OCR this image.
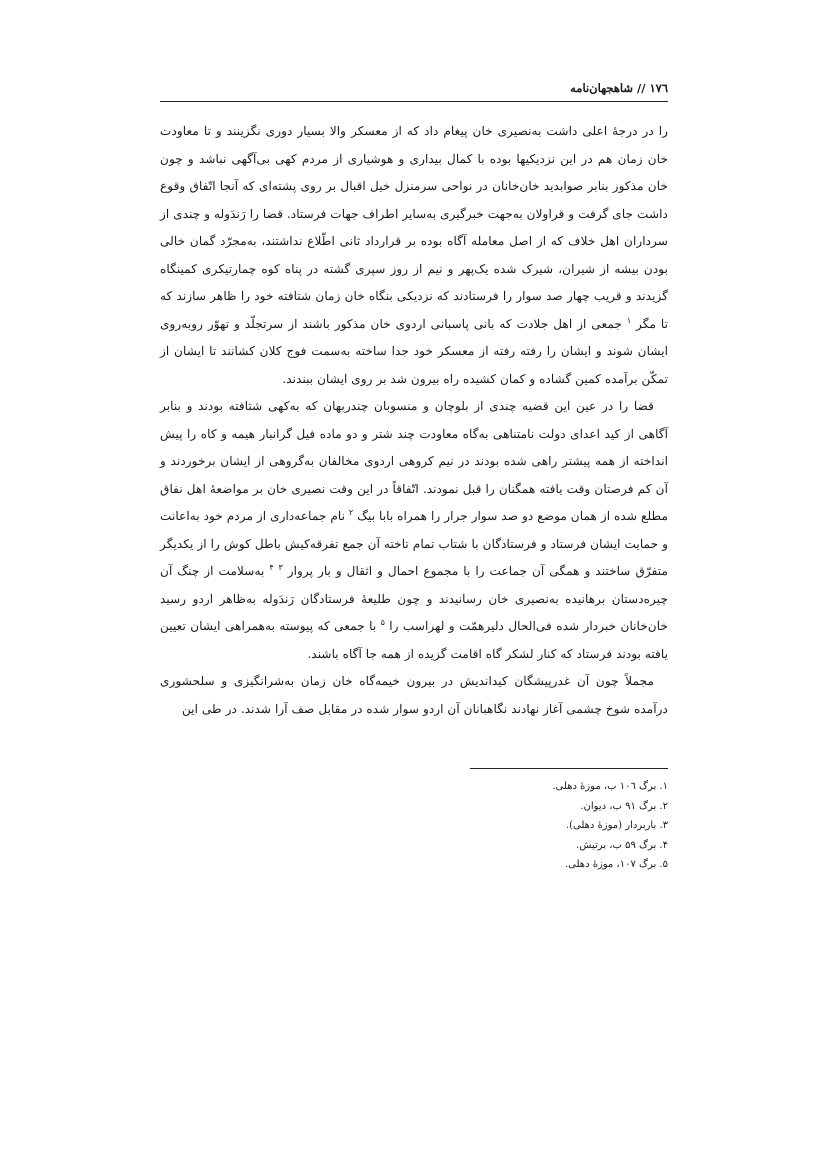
۱۷٦ // شاهجهان‌نامه

را در درجهٔ اعلی داشت به‌نصیری خان پیغام داد که از معسکر والا بسیار دوری نگزینند و تا معاودت خان زمان هم در این نزدیکیها بوده با کمال بیداری و هوشیاری از مردم کهی بی‌آگهی نباشد و چون خان مذکور بنابر صوابدید خان‌خانان در نواحی سرمنزل خیل اقبال بر روی پشته‌ای که آنجا اتّفاق وقوع داشت جای گرفت و قراولان به‌جهت خبرگیری به‌سایر اطراف جهات فرستاد. قضا را رَندَوله و چندی از سرداران اهل خلاف که از اصل معامله آگاه بوده بر قرارداد ثانی اطّلاع نداشتند، به‌مجرّد گمان خالی بودن بیشه از شیران، شیرک شده یک‌پهر و نیم از روز سپری گشته در پناه کوه چمارتیکری کمینگاه گزیدند و قریب چهار صد سوار را فرستادند که نزدیکی بنگاه خان زمان شتافته خود را ظاهر سازند که تا مگر $^۱$ جمعی از اهل جلادت که بانی پاسبانی اردوی خان مذکور باشند از سرتجلّد و تهوّر روبه‌روی ایشان شوند و ایشان را رفته رفته از معسکر خود جدا ساخته به‌سمت فوج کلان کشانند تا ایشان از تمکّن برآمده کمین گشاده و کمان کشیده راه بیرون شد بر روی ایشان ببندند.

قضا را در عین این قضیه چندی از بلوچان و منسوبان چندربهان که به‌کهی شتافته بودند و بنابر آگاهی از کید اعدای دولت نامتناهی به‌گاه معاودت چند شتر و دو ماده فیل گرانبار هیمه و کاه را پیش انداخته از همه پیشتر راهی شده بودند در نیم کروهی اردوی مخالفان به‌گروهی از ایشان برخوردند و آن کم فرصتان وقت یافته همگنان را قبل نمودند. اتّفاقاً در این وقت نصیری خان بر مواضعهٔ اهل نفاق مطلع شده از همان موضع دو صد سوار جرار را همراه بابا بیگ $^۲$ نام جماعه‌داری از مردم خود به‌اعانت و حمایت ایشان فرستاد و فرستادگان با شتاب تمام تاخته آن جمع تفرقه‌کیش باطل کوش را از یکدیگر متفرّق ساختند و همگی آن جماعت را با مجموع احمال و اثقال و بار پروار $^۳$ $^۴$ به‌سلامت از چنگ آن چیره‌دستان برهانیده به‌نصیری خان رسانیدند و چون طلیعهٔ فرستادگان رَندَوله به‌ظاهر اردو رسید خان‌خانان خبردار شده فی‌الحال دلیرهمّت و لهراسب را $^۵$ با جمعی که پیوسته به‌همراهی ایشان تعیین یافته بودند فرستاد که کنار لشکر گاه اقامت گزیده از همه جا آگاه باشند.

مجملاً چون آن غدرپیشگان کیداندیش در بیرون خیمه‌گاه خان زمان به‌شرانگیزی و سلحشوری درآمده شوخ چشمی آغاز نهادند نگاهبانان آن اردو سوار شده در مقابل صف آرا شدند. در طی این

۱. برگ ۱۰٦ ب، موزهٔ دهلی.
۲. برگ ۹۱ ب، دیوان.
۳. باربردار (موزهٔ دهلی).
۴. برگ ۵۹ ب، برتیش.
۵. برگ ۱۰۷، موزهٔ دهلی.
